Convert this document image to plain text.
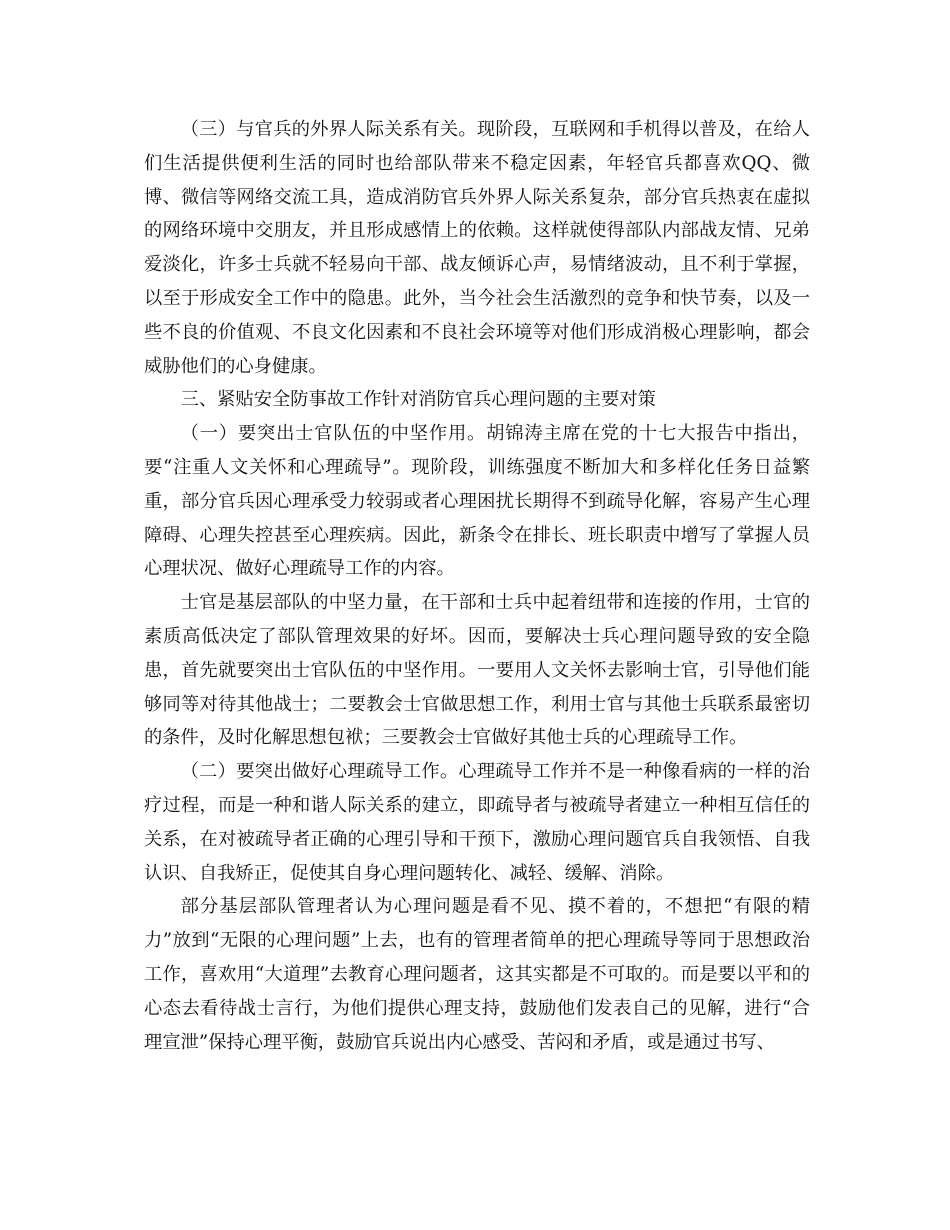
（三）与官兵的外界人际关系有关。现阶段，互联网和手机得以普及，在给人们生活提供便利生活的同时也给部队带来不稳定因素，年轻官兵都喜欢QQ、微博、微信等网络交流工具，造成消防官兵外界人际关系复杂，部分官兵热衷在虚拟的网络环境中交朋友，并且形成感情上的依赖。这样就使得部队内部战友情、兄弟爱淡化，许多士兵就不轻易向干部、战友倾诉心声，易情绪波动，且不利于掌握，以至于形成安全工作中的隐患。此外，当今社会生活激烈的竞争和快节奏，以及一些不良的价值观、不良文化因素和不良社会环境等对他们形成消极心理影响，都会威胁他们的心身健康。

三、紧贴安全防事故工作针对消防官兵心理问题的主要对策

（一）要突出士官队伍的中坚作用。胡锦涛主席在党的十七大报告中指出，要“注重人文关怀和心理疏导”。现阶段，训练强度不断加大和多样化任务日益繁重，部分官兵因心理承受力较弱或者心理困扰长期得不到疏导化解，容易产生心理障碍、心理失控甚至心理疾病。因此，新条令在排长、班长职责中增写了掌握人员心理状况、做好心理疏导工作的内容。

士官是基层部队的中坚力量，在干部和士兵中起着纽带和连接的作用，士官的素质高低决定了部队管理效果的好坏。因而，要解决士兵心理问题导致的安全隐患，首先就要突出士官队伍的中坚作用。一要用人文关怀去影响士官，引导他们能够同等对待其他战士；二要教会士官做思想工作，利用士官与其他士兵联系最密切的条件，及时化解思想包袱；三要教会士官做好其他士兵的心理疏导工作。

（二）要突出做好心理疏导工作。心理疏导工作并不是一种像看病的一样的治疗过程，而是一种和谐人际关系的建立，即疏导者与被疏导者建立一种相互信任的关系，在对被疏导者正确的心理引导和干预下，激励心理问题官兵自我领悟、自我认识、自我矫正，促使其自身心理问题转化、减轻、缓解、消除。

部分基层部队管理者认为心理问题是看不见、摸不着的，不想把“有限的精力”放到“无限的心理问题”上去，也有的管理者简单的把心理疏导等同于思想政治工作，喜欢用“大道理”去教育心理问题者，这其实都是不可取的。而是要以平和的心态去看待战士言行，为他们提供心理支持，鼓励他们发表自己的见解，进行“合理宣泄”保持心理平衡，鼓励官兵说出内心感受、苦闷和矛盾，或是通过书写、
